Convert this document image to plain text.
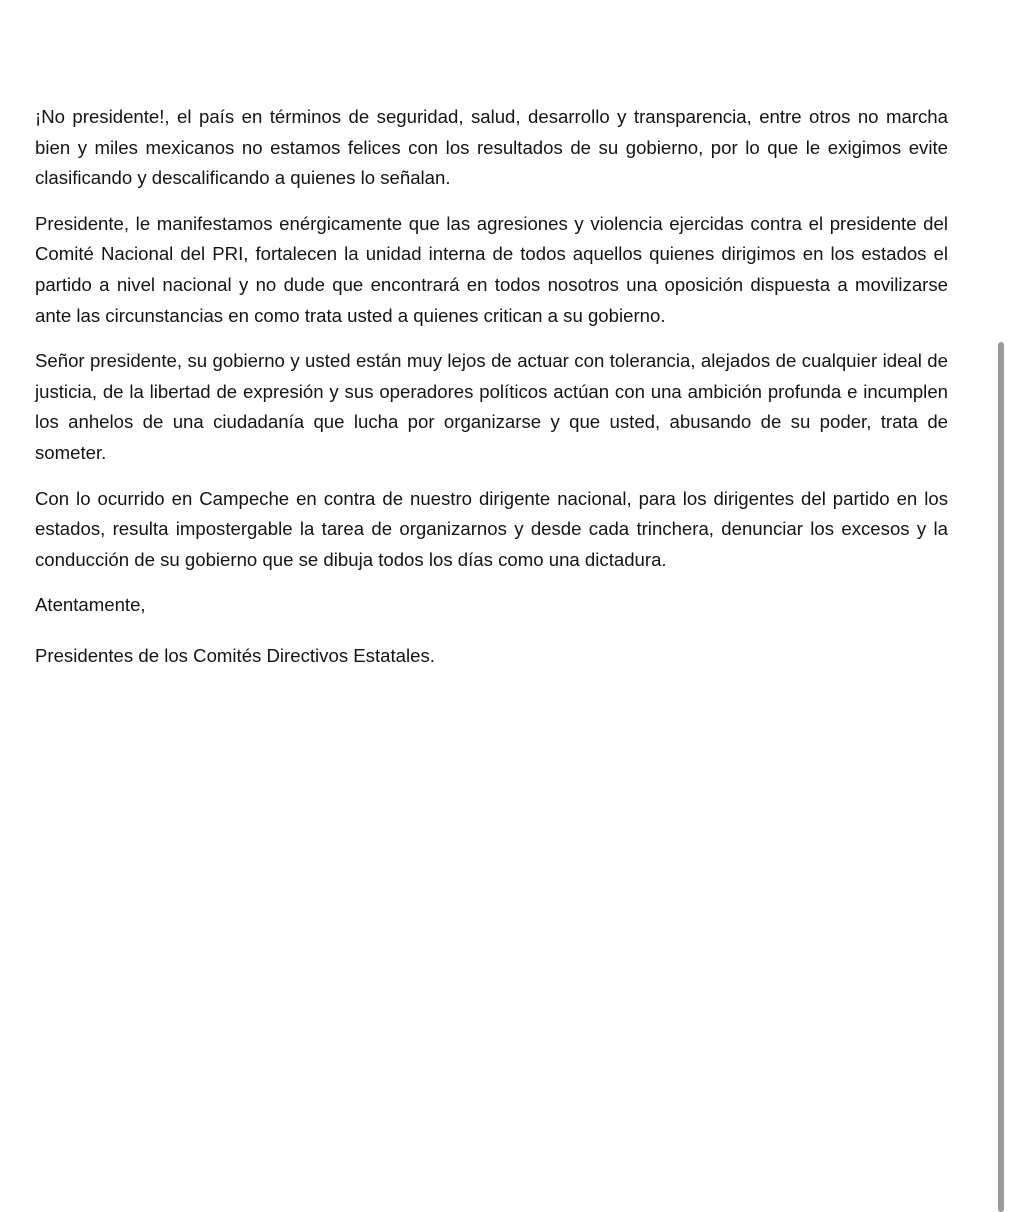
¡No presidente!, el país en términos de seguridad, salud, desarrollo y transparencia, entre otros no marcha bien y miles mexicanos no estamos felices con los resultados de su gobierno, por lo que le exigimos evite clasificando y descalificando a quienes lo señalan.

Presidente, le manifestamos enérgicamente que las agresiones y violencia ejercidas contra el presidente del Comité Nacional del PRI, fortalecen la unidad interna de todos aquellos quienes dirigimos en los estados el partido a nivel nacional y no dude que encontrará en todos nosotros una oposición dispuesta a movilizarse ante las circunstancias en como trata usted a quienes critican a su gobierno.

Señor presidente, su gobierno y usted están muy lejos de actuar con tolerancia, alejados de cualquier ideal de justicia, de la libertad de expresión y sus operadores políticos actúan con una ambición profunda e incumplen los anhelos de una ciudadanía que lucha por organizarse y que usted, abusando de su poder, trata de someter.

Con lo ocurrido en Campeche en contra de nuestro dirigente nacional, para los dirigentes del partido en los estados, resulta impostergable la tarea de organizarnos y desde cada trinchera, denunciar los excesos y la conducción de su gobierno que se dibuja todos los días como una dictadura.

Atentamente,

Presidentes de los Comités Directivos Estatales.
